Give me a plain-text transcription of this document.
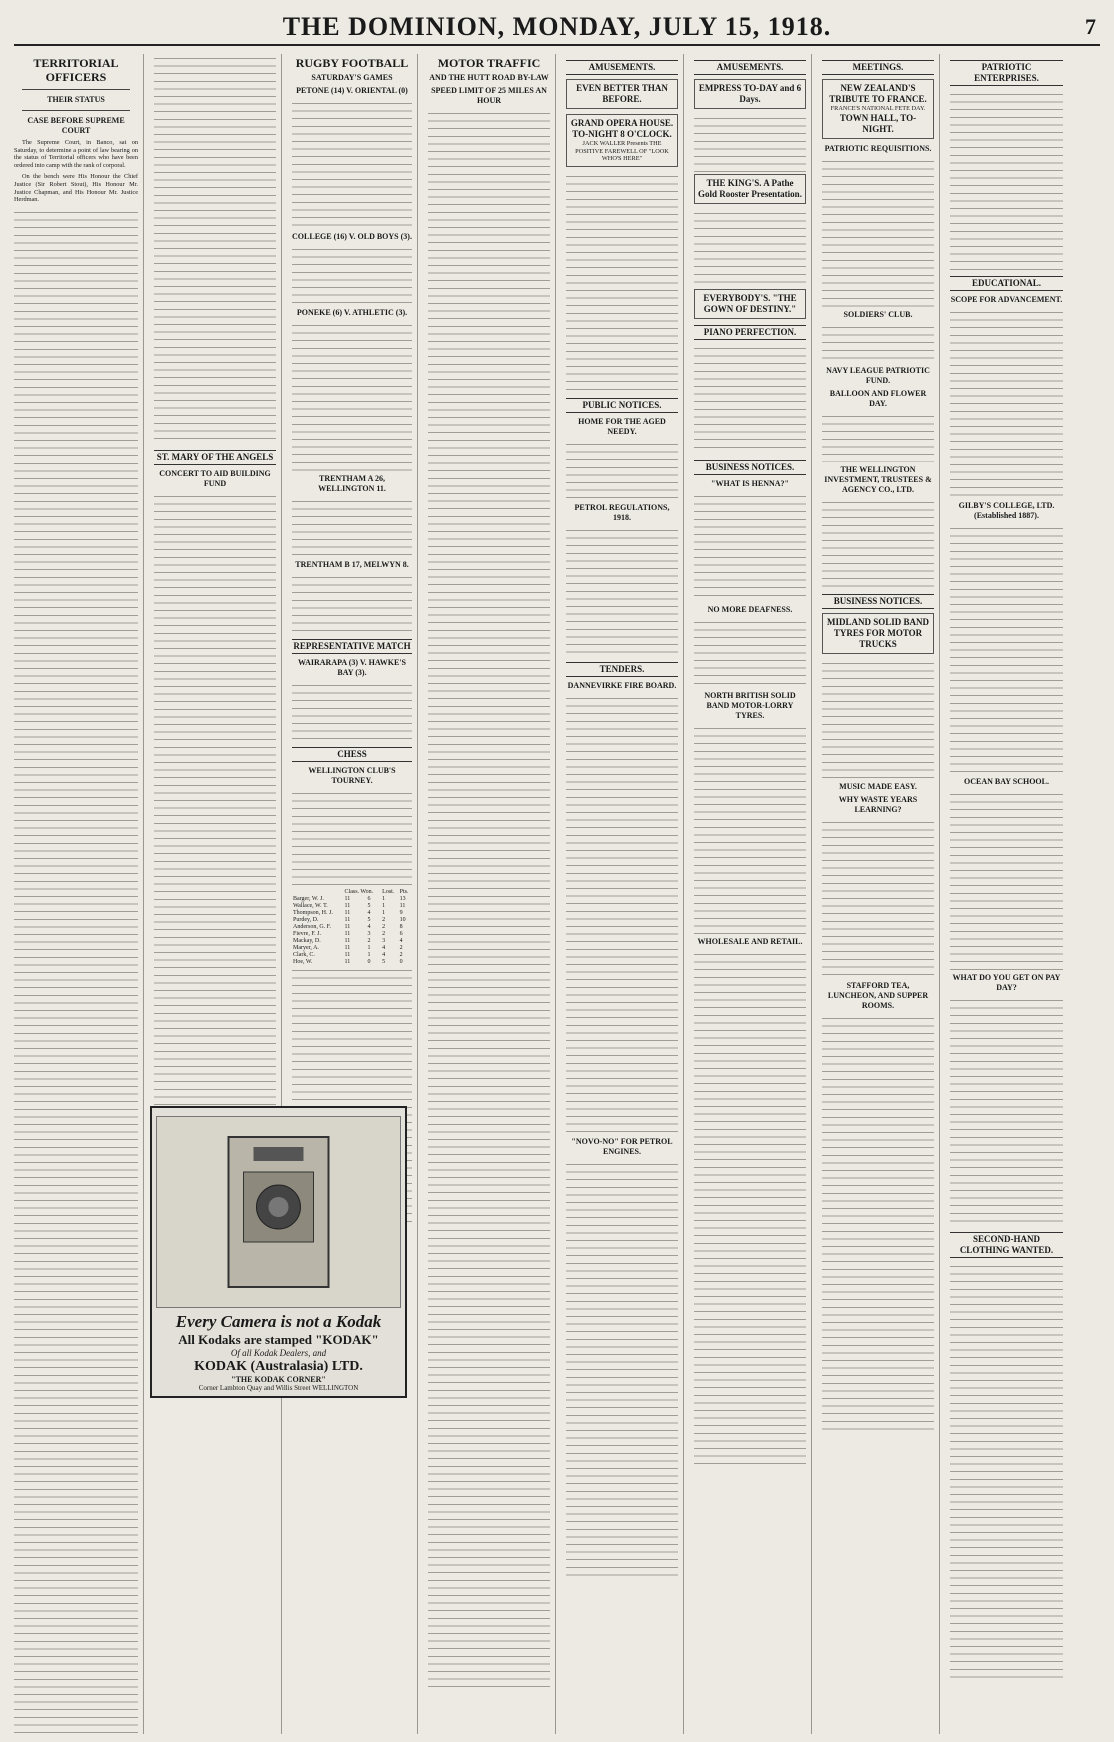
THE DOMINION, MONDAY, JULY 15, 1918.	7
TERRITORIAL OFFICERS
THEIR STATUS
CASE BEFORE SUPREME COURT

The Supreme Court, in Banco, sat on Saturday, to determine a point of law bearing on the status of Territorial officers who have been ordered into camp with the rank of corporal.

On the bench were His Honour the Chief Justice (Sir Robert Stout), His Honour Mr. Justice Chapman, and His Honour Mr. Justice Herdman.

ST. MARY OF THE ANGELS
CONCERT TO AID BUILDING FUND
RUGBY FOOTBALL
SATURDAY'S GAMES
PETONE (14) V. ORIENTAL (0)
COLLEGE (16) V. OLD BOYS (3).
PONEKE (6) V. ATHLETIC (3).
TRENTHAM A 26, WELLINGTON 11.
TRENTHAM B 17, MELWYN 8.
REPRESENTATIVE MATCH
WAIRARAPA (3) V. HAWKE'S BAY (3).
CHESS
WELLINGTON CLUB'S TOURNEY.
	Class. Won.		Lost.	Pts.
Barger, W. J.	11	6	1	13
Wallace, W. T.	11	5	1	11
Thompson, H. J.	11	4	1	9
Purdey, D.	11	5	2	10
Anderson, G. F.	11	4	2	8
Fievre, F. J.	11	3	2	6
Mackay, D.	11	2	3	4
Maryer, A.	11	1	4	2
Clark, C.	11	1	4	2
Hoe, W.	11	0	5	0
MOTOR TRAFFIC
AND THE HUTT ROAD BY-LAW
SPEED LIMIT OF 25 MILES AN HOUR
AMUSEMENTS.
EVEN BETTER THAN BEFORE.
GRAND OPERA HOUSE. TO-NIGHT 8 O'CLOCK.
JACK WALLER Presents THE POSITIVE FAREWELL OF "LOOK WHO'S HERE"
PUBLIC NOTICES.
HOME FOR THE AGED NEEDY.
PETROL REGULATIONS, 1918.
TENDERS.
DANNEVIRKE FIRE BOARD.
"NOVO-NO" FOR PETROL ENGINES.
AMUSEMENTS.
EMPRESS TO-DAY and 6 Days.
THE KING'S. A Pathe Gold Rooster Presentation.
EVERYBODY'S. "THE GOWN OF DESTINY."
PIANO PERFECTION.
BUSINESS NOTICES.
"WHAT IS HENNA?"
NO MORE DEAFNESS.
NORTH BRITISH SOLID BAND MOTOR-LORRY TYRES.
WHOLESALE AND RETAIL.
MEETINGS.
NEW ZEALAND'S TRIBUTE TO FRANCE.
FRANCE'S NATIONAL FETE DAY.
TOWN HALL, TO-NIGHT.
PATRIOTIC REQUISITIONS.
SOLDIERS' CLUB.
NAVY LEAGUE PATRIOTIC FUND.
BALLOON AND FLOWER DAY.
THE WELLINGTON INVESTMENT, TRUSTEES & AGENCY CO., LTD.
BUSINESS NOTICES.
MIDLAND SOLID BAND TYRES FOR MOTOR TRUCKS
MUSIC MADE EASY.
WHY WASTE YEARS LEARNING?
STAFFORD TEA, LUNCHEON, AND SUPPER ROOMS.
PATRIOTIC ENTERPRISES.
EDUCATIONAL.
SCOPE FOR ADVANCEMENT.
GILBY'S COLLEGE, LTD. (Established 1887).
OCEAN BAY SCHOOL.
WHAT DO YOU GET ON PAY DAY?
SECOND-HAND CLOTHING WANTED.
Every Camera is not a Kodak
All Kodaks are stamped "KODAK"
Of all Kodak Dealers, and
KODAK (Australasia) LTD.
"THE KODAK CORNER"
Corner Lambton Quay and Willis Street WELLINGTON
